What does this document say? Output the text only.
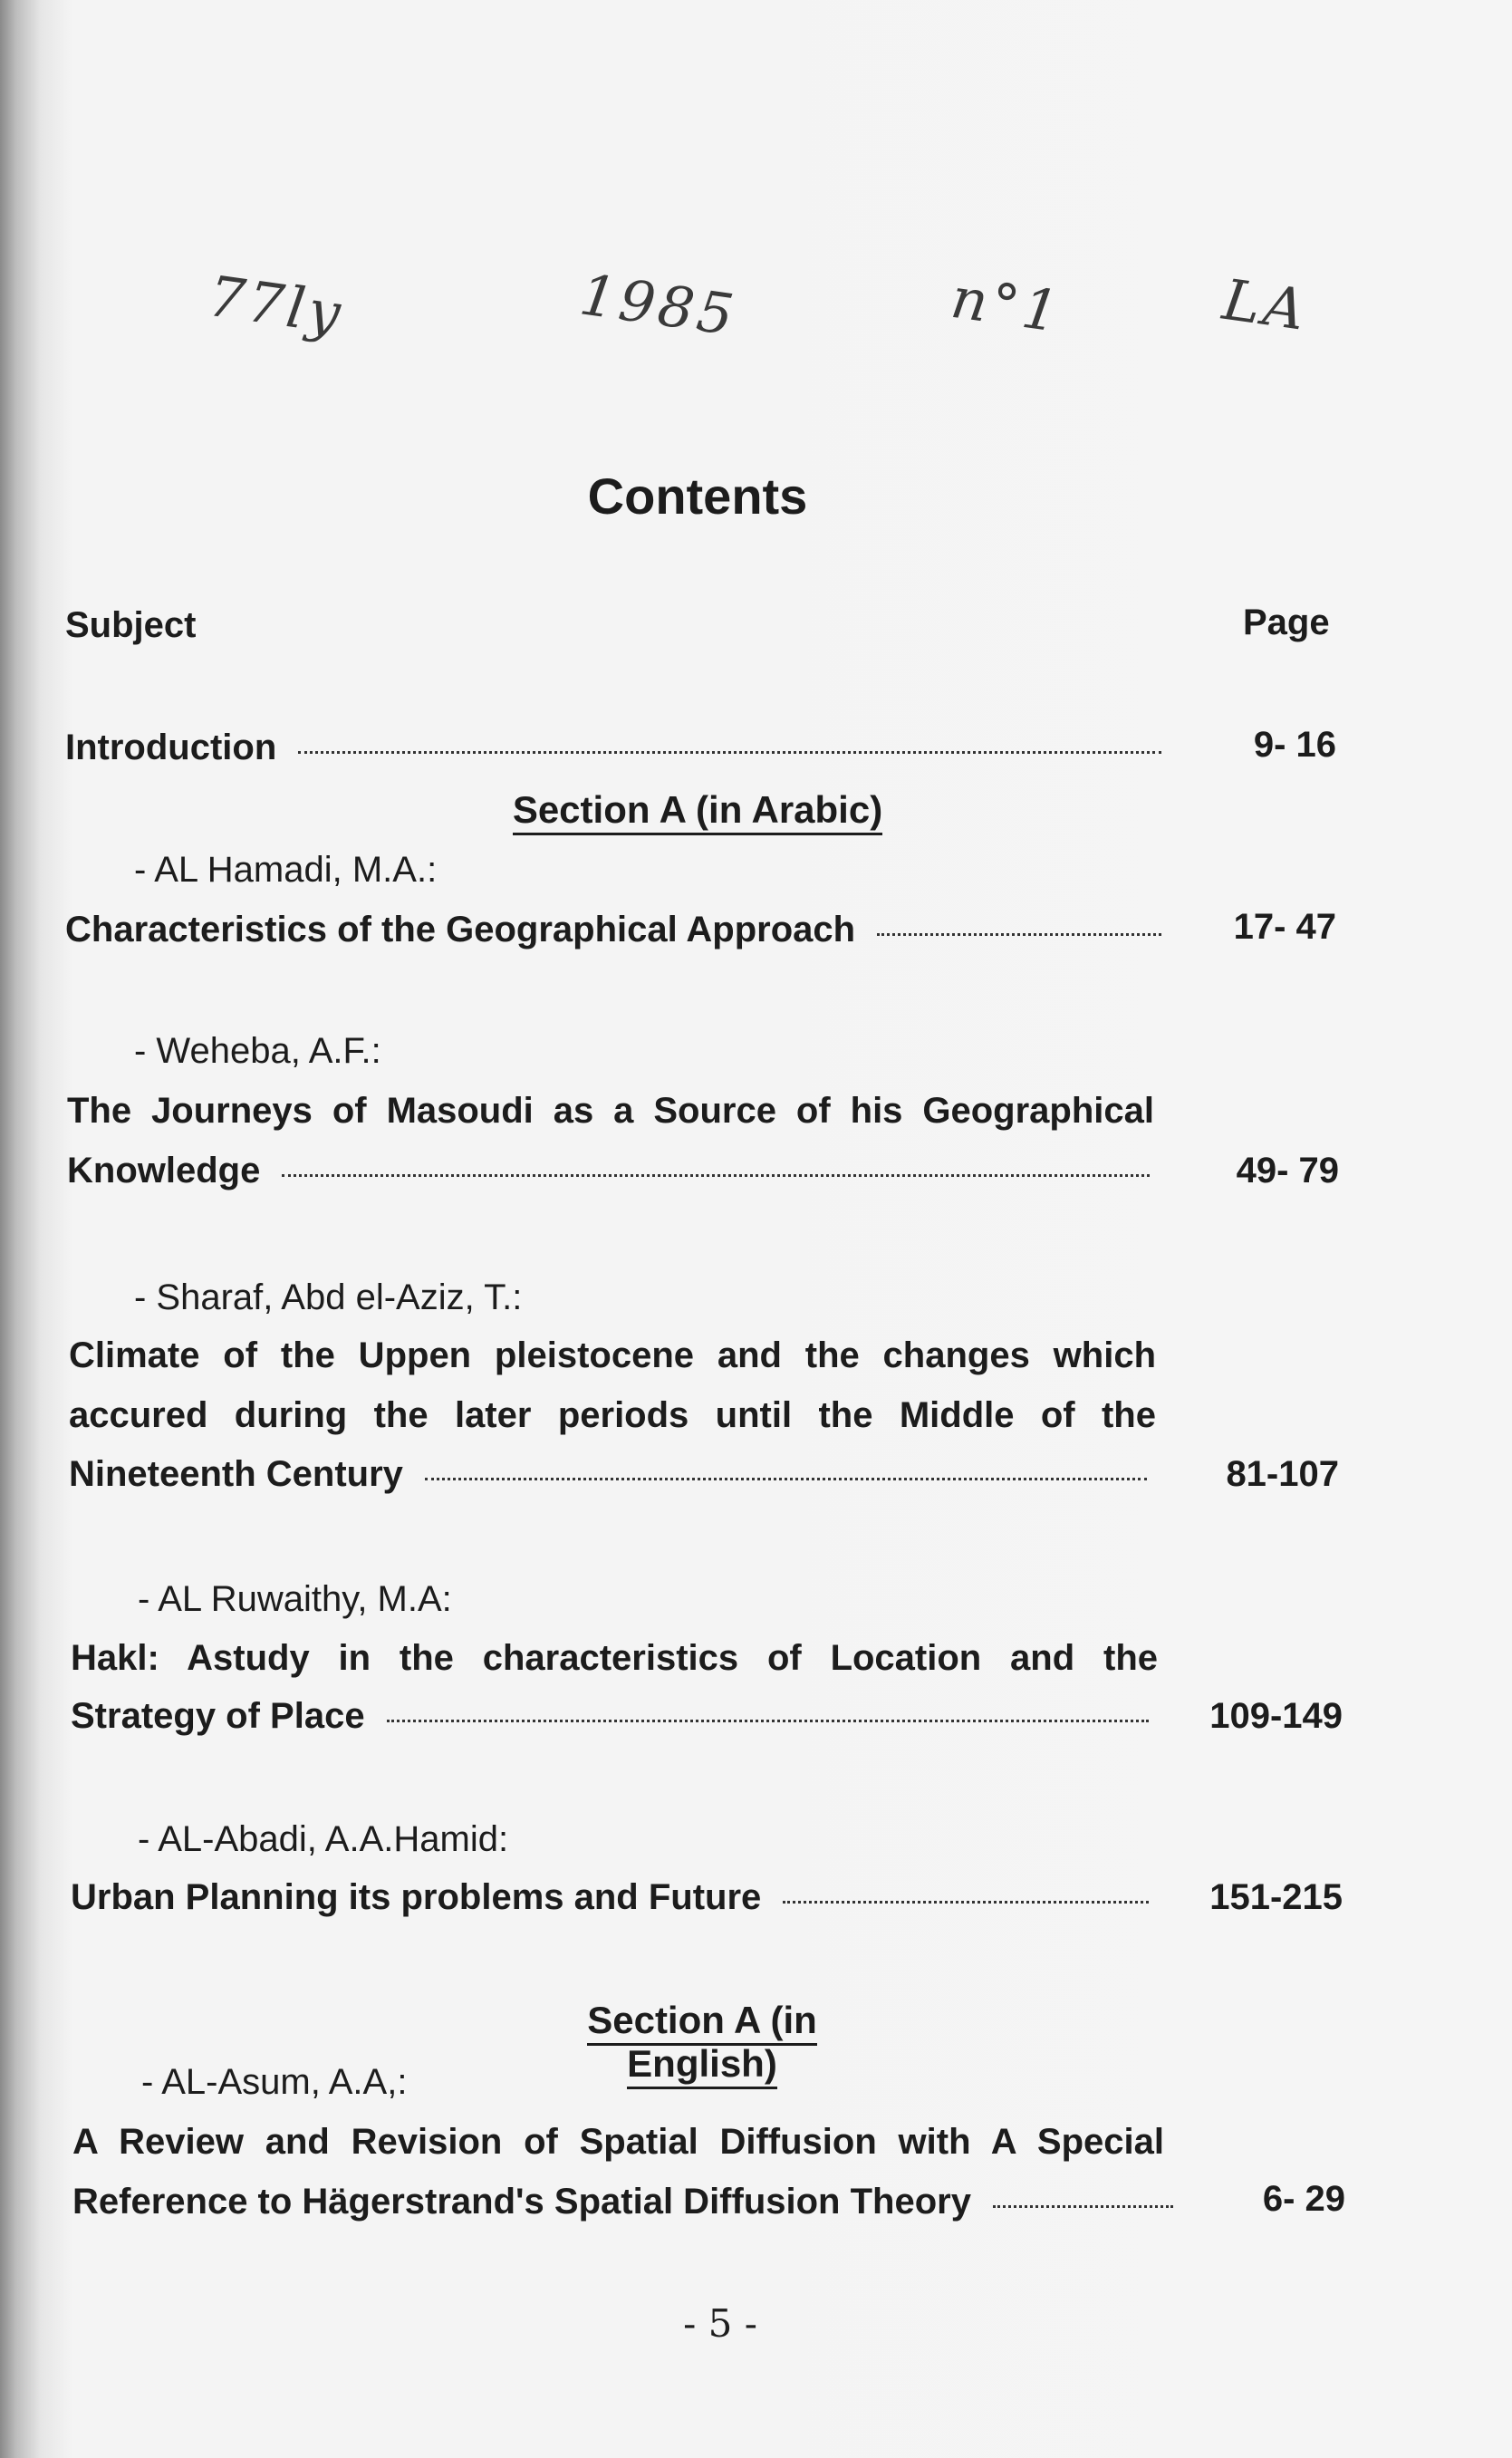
77ly	1985	n°1	LA
Contents
Subject	Page
Introduction	9- 16
Section A (in Arabic)
- AL Hamadi, M.A.:
Characteristics of the Geographical Approach	17- 47
- Weheba, A.F.:
The Journeys of Masoudi as a Source of his Geographical
Knowledge	49- 79
- Sharaf, Abd el-Aziz, T.:
Climate of the Uppen pleistocene and the changes which
accured during the later periods until the Middle of the
Nineteenth Century	81-107
- AL Ruwaithy, M.A:
Hakl: Astudy in the characteristics of Location and the
Strategy of Place	109-149
- AL-Abadi, A.A.Hamid:
Urban Planning its problems and Future	151-215
Section A (in English)
- AL-Asum, A.A,:
A Review and Revision of Spatial Diffusion with A Special
Reference to Hägerstrand's Spatial Diffusion Theory	6- 29
- 5 -
